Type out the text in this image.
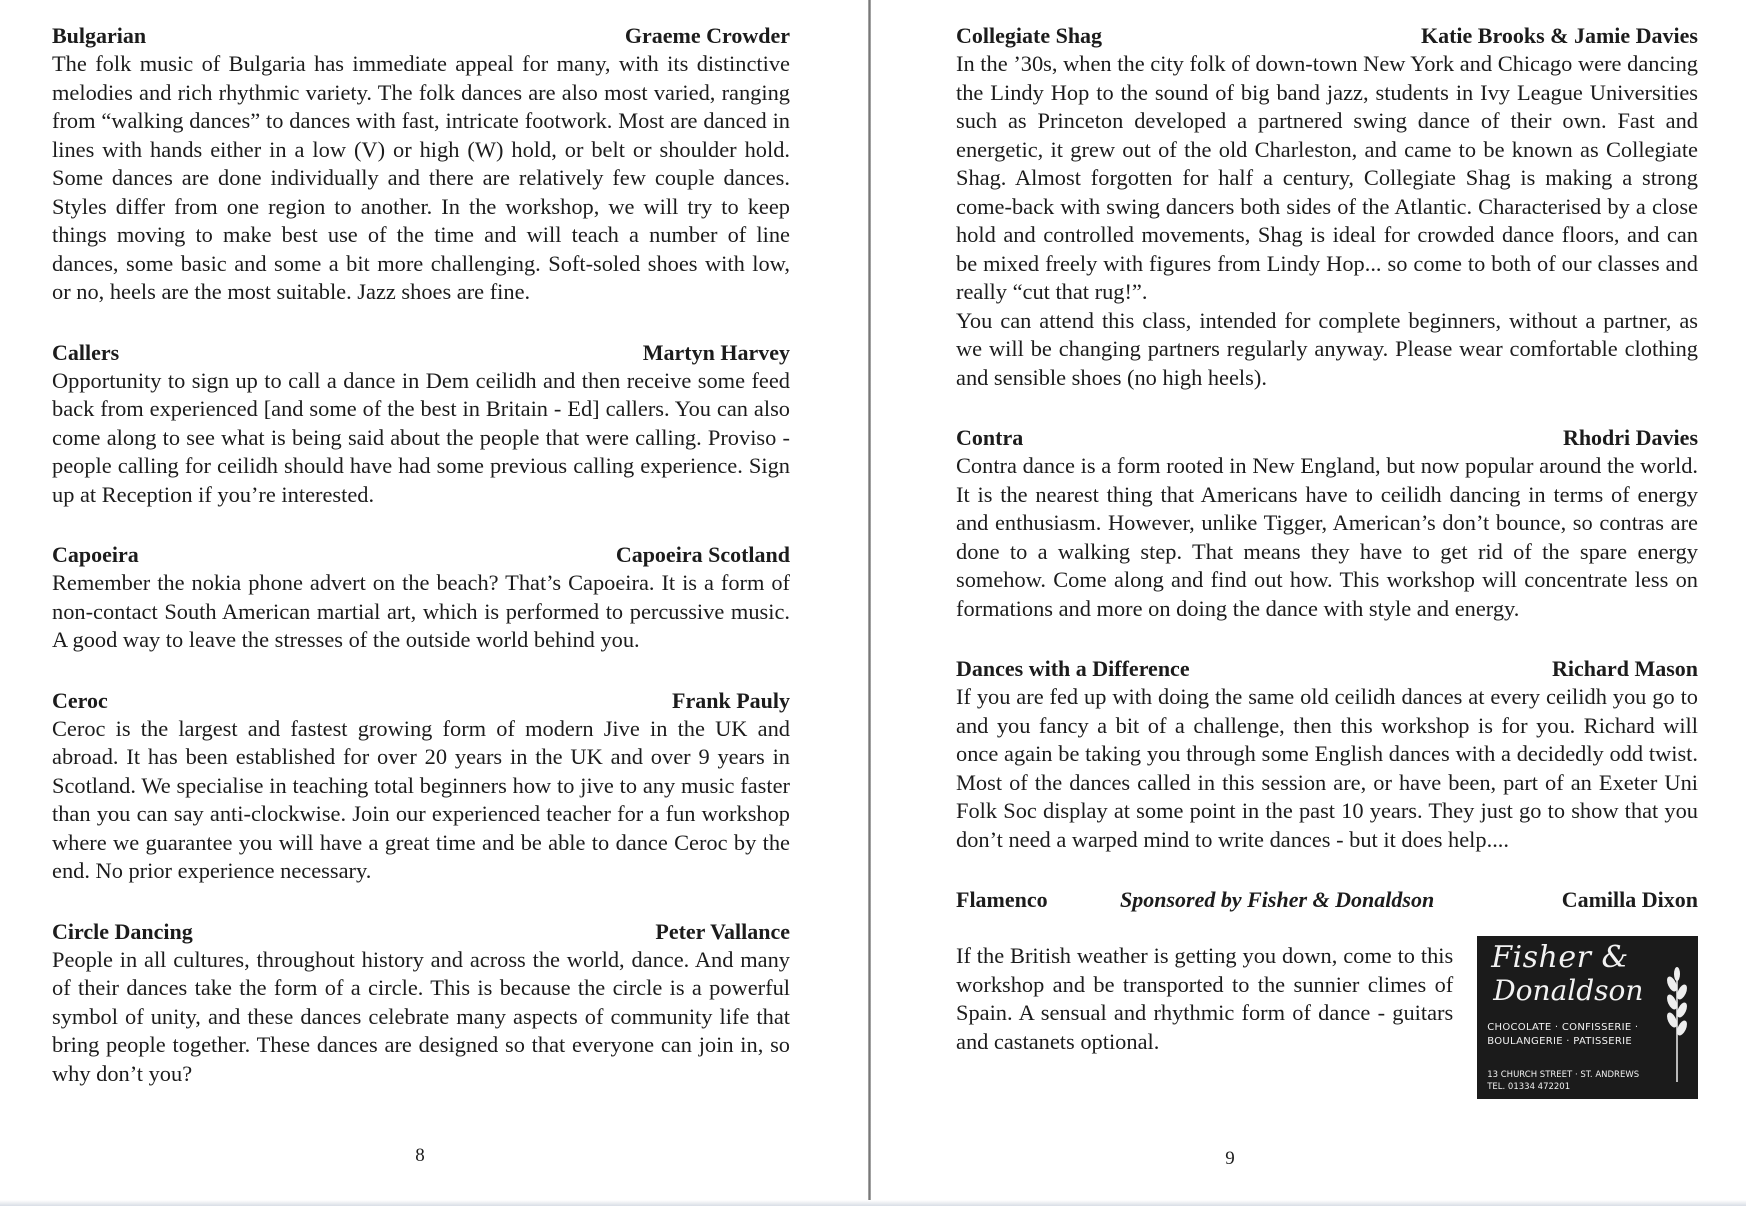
Bulgarian	Graeme Crowder
The folk music of Bulgaria has immediate appeal for many, with its distinctive melodies and rich rhythmic variety. The folk dances are also most varied, ranging from “walking dances” to dances with fast, intricate footwork. Most are danced in lines with hands either in a low (V) or high (W) hold, or belt or shoulder hold. Some dances are done individually and there are relatively few couple dances. Styles differ from one region to another. In the workshop, we will try to keep things moving to make best use of the time and will teach a number of line dances, some basic and some a bit more challenging. Soft-soled shoes with low, or no, heels are the most suitable. Jazz shoes are fine.
Callers	Martyn Harvey
Opportunity to sign up to call a dance in Dem ceilidh and then receive some feed back from experienced [and some of the best in Britain - Ed] callers. You can also come along to see what is being said about the people that were calling. Proviso - people calling for ceilidh should have had some previous calling experience. Sign up at Reception if you’re interested.
Capoeira	Capoeira Scotland
Remember the nokia phone advert on the beach? That’s Capoeira. It is a form of non-contact South American martial art, which is performed to percussive music. A good way to leave the stresses of the outside world behind you.
Ceroc	Frank Pauly
Ceroc is the largest and fastest growing form of modern Jive in the UK and abroad. It has been established for over 20 years in the UK and over 9 years in Scotland. We specialise in teaching total beginners how to jive to any music faster than you can say anti-clockwise. Join our experienced teacher for a fun workshop where we guarantee you will have a great time and be able to dance Ceroc by the end. No prior experience necessary.
Circle Dancing	Peter Vallance
People in all cultures, throughout history and across the world, dance. And many of their dances take the form of a circle. This is because the circle is a powerful symbol of unity, and these dances celebrate many aspects of community life that bring people together. These dances are designed so that everyone can join in, so why don’t you?
8
Collegiate Shag	Katie Brooks & Jamie Davies

In the ’30s, when the city folk of down-town New York and Chicago were dancing the Lindy Hop to the sound of big band jazz, students in Ivy League Universities such as Princeton developed a partnered swing dance of their own. Fast and energetic, it grew out of the old Charleston, and came to be known as Collegiate Shag. Almost forgotten for half a century, Collegiate Shag is making a strong come-back with swing dancers both sides of the Atlantic. Characterised by a close hold and controlled movements, Shag is ideal for crowded dance floors, and can be mixed freely with figures from Lindy Hop... so come to both of our classes and really “cut that rug!”.

You can attend this class, intended for complete beginners, without a partner, as we will be changing partners regularly anyway. Please wear comfortable clothing and sensible shoes (no high heels).

Contra	Rhodri Davies
Contra dance is a form rooted in New England, but now popular around the world. It is the nearest thing that Americans have to ceilidh dancing in terms of energy and enthusiasm. However, unlike Tigger, American’s don’t bounce, so contras are done to a walking step. That means they have to get rid of the spare energy somehow. Come along and find out how. This workshop will concentrate less on formations and more on doing the dance with style and energy.
Dances with a Difference	Richard Mason
If you are fed up with doing the same old ceilidh dances at every ceilidh you go to and you fancy a bit of a challenge, then this workshop is for you. Richard will once again be taking you through some English dances with a decidedly odd twist. Most of the dances called in this session are, or have been, part of an Exeter Uni Folk Soc display at some point in the past 10 years. They just go to show that you don’t need a warped mind to write dances - but it does help....
Flamenco	Sponsored by Fisher & Donaldson	Camilla Dixon
If the British weather is getting you down, come to this workshop and be transported to the sunnier climes of Spain. A sensual and rhythmic form of dance - guitars and castanets optional.
Fisher &
Donaldson
CHOCOLATE · CONFISSERIE ·
BOULANGERIE · PATISSERIE
13 CHURCH STREET · ST. ANDREWS
TEL. 01334 472201
9
